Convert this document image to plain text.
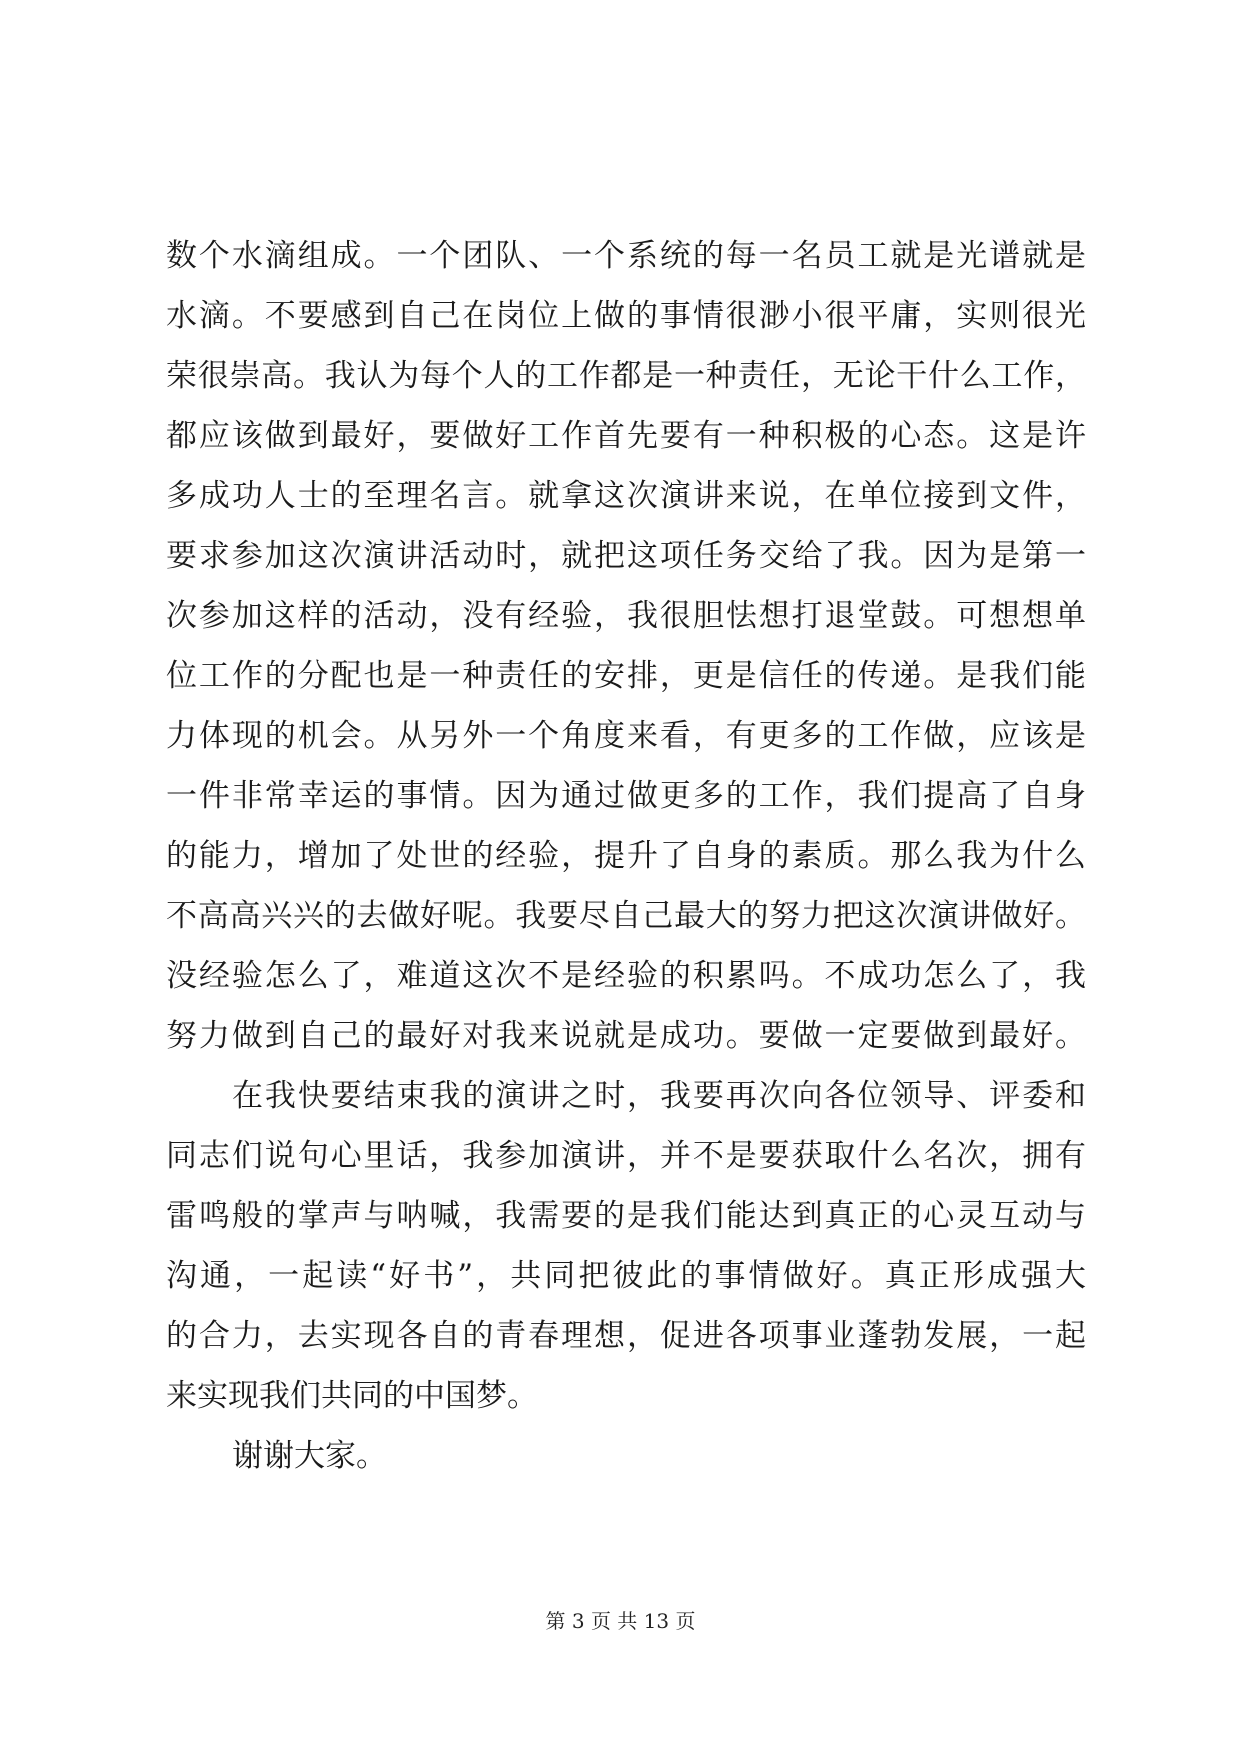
数个水滴组成。一个团队、一个系统的每一名员工就是光谱就是
水滴。不要感到自己在岗位上做的事情很渺小很平庸，实则很光
荣很崇高。我认为每个人的工作都是一种责任，无论干什么工作，
都应该做到最好，要做好工作首先要有一种积极的心态。这是许
多成功人士的至理名言。就拿这次演讲来说，在单位接到文件，
要求参加这次演讲活动时，就把这项任务交给了我。因为是第一
次参加这样的活动，没有经验，我很胆怯想打退堂鼓。可想想单
位工作的分配也是一种责任的安排，更是信任的传递。是我们能
力体现的机会。从另外一个角度来看，有更多的工作做，应该是
一件非常幸运的事情。因为通过做更多的工作，我们提高了自身
的能力，增加了处世的经验，提升了自身的素质。那么我为什么
不高高兴兴的去做好呢。我要尽自己最大的努力把这次演讲做好。
没经验怎么了，难道这次不是经验的积累吗。不成功怎么了，我
努力做到自己的最好对我来说就是成功。要做一定要做到最好。
在我快要结束我的演讲之时，我要再次向各位领导、评委和
同志们说句心里话，我参加演讲，并不是要获取什么名次，拥有
雷鸣般的掌声与呐喊，我需要的是我们能达到真正的心灵互动与
沟通，一起读“好书”，共同把彼此的事情做好。真正形成强大
的合力，去实现各自的青春理想，促进各项事业蓬勃发展，一起
来实现我们共同的中国梦。
谢谢大家。
第 3 页 共 13 页
